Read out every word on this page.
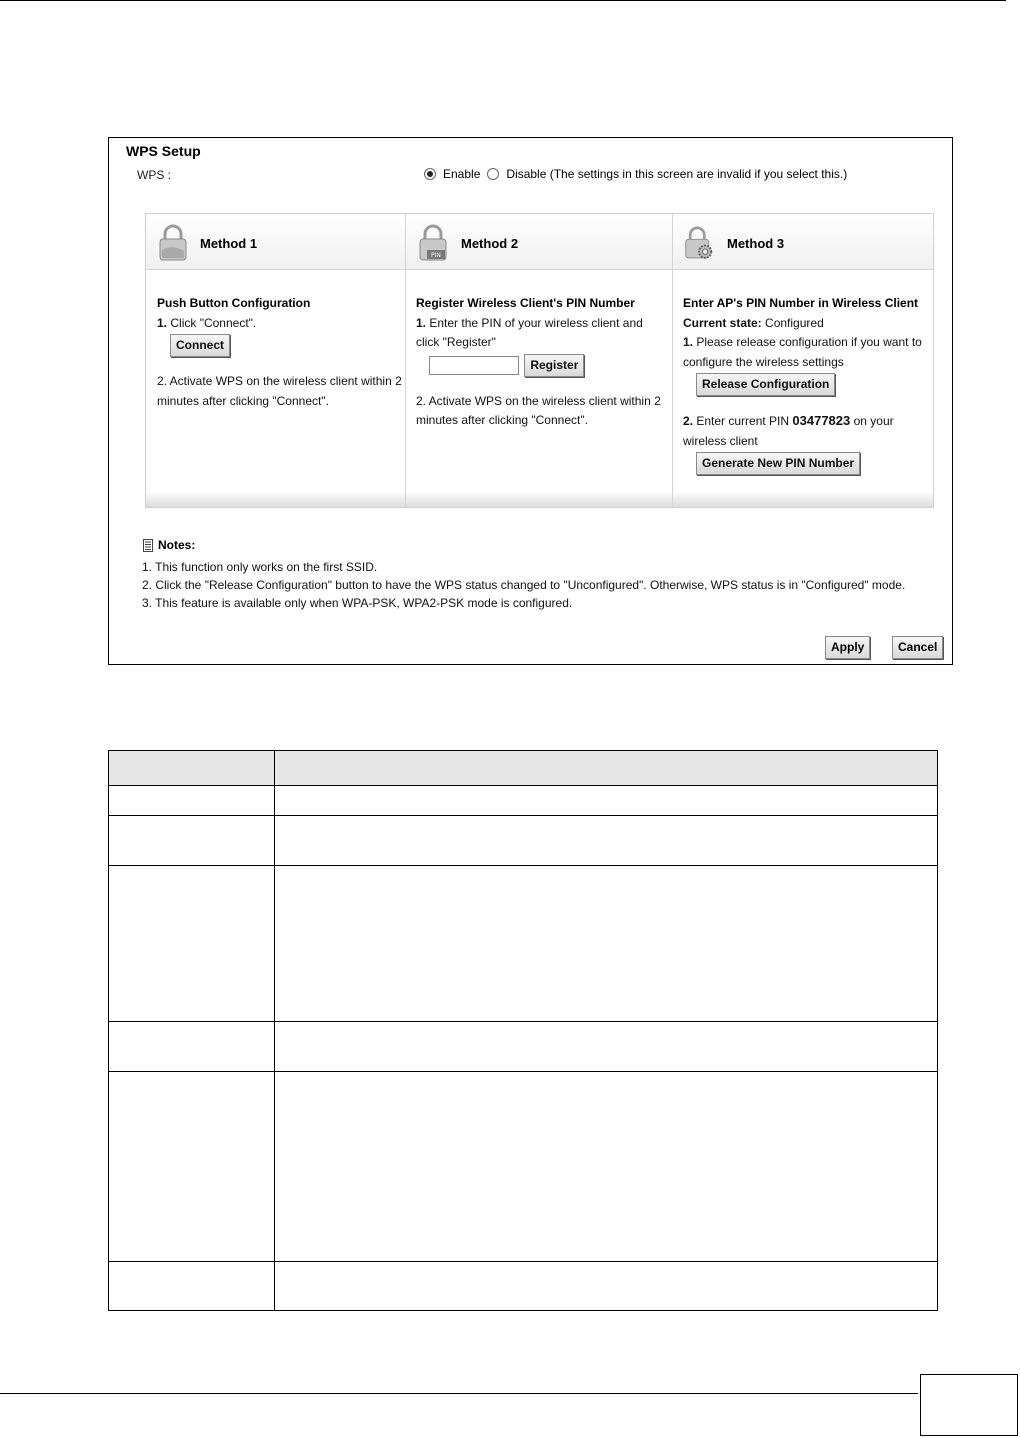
WPS Setup
WPS :	Enable Disable (The settings in this screen are invalid if you select this.)
Method 1
PIN
Method 2	Method 3
Push Button Configuration
1. Click "Connect".
Connect
2. Activate WPS on the wireless client within 2
minutes after clicking "Connect".
Register Wireless Client's PIN Number
1. Enter the PIN of your wireless client and
click "Register"
Register
2. Activate WPS on the wireless client within 2
minutes after clicking "Connect".
Enter AP's PIN Number in Wireless Client
Current state: Configured
1. Please release configuration if you want to
configure the wireless settings
Release Configuration
2. Enter current PIN 03477823 on your
wireless client
Generate New PIN Number
Notes:
1. This function only works on the first SSID.
2. Click the "Release Configuration" button to have the WPS status changed to "Unconfigured". Otherwise, WPS status is in "Configured" mode.
3. This feature is available only when WPA-PSK, WPA2-PSK mode is configured.
Apply	Cancel
